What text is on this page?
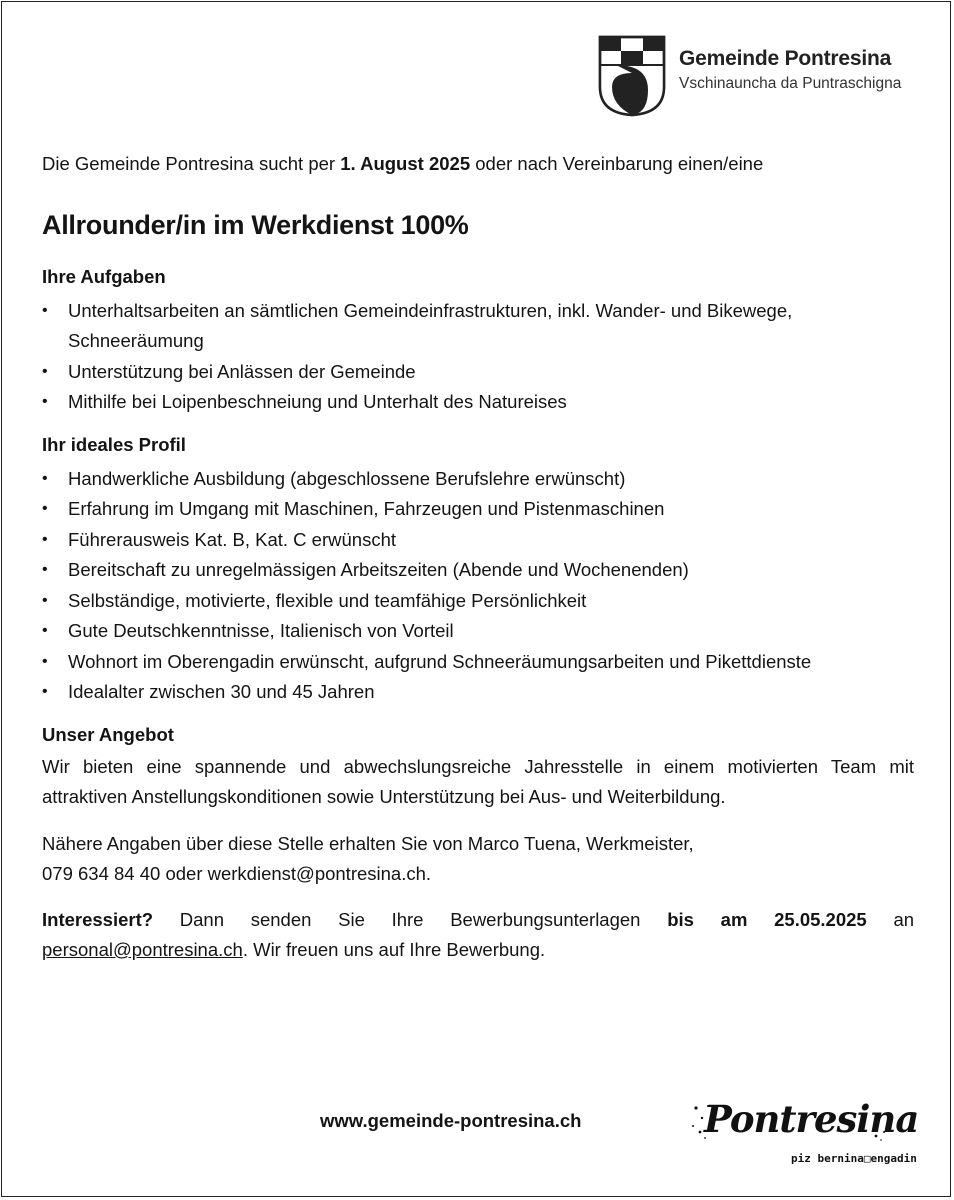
Gemeinde Pontresina
Vschinauncha da Puntraschigna

Die Gemeinde Pontresina sucht per 1. August 2025 oder nach Vereinbarung einen/eine

Allrounder/in im Werkdienst 100%
Ihre Aufgaben
• Unterhaltsarbeiten an sämtlichen Gemeindeinfrastrukturen, inkl. Wander- und Bikewege, Schneeräumung
• Unterstützung bei Anlässen der Gemeinde
• Mithilfe bei Loipenbeschneiung und Unterhalt des Natureises
Ihr ideales Profil
• Handwerkliche Ausbildung (abgeschlossene Berufslehre erwünscht)
• Erfahrung im Umgang mit Maschinen, Fahrzeugen und Pistenmaschinen
• Führerausweis Kat. B, Kat. C erwünscht
• Bereitschaft zu unregelmässigen Arbeitszeiten (Abende und Wochenenden)
• Selbständige, motivierte, flexible und teamfähige Persönlichkeit
• Gute Deutschkenntnisse, Italienisch von Vorteil
• Wohnort im Oberengadin erwünscht, aufgrund Schneeräumungsarbeiten und Pikettdienste
• Idealalter zwischen 30 und 45 Jahren
Unser Angebot

Wir bieten eine spannende und abwechslungsreiche Jahresstelle in einem motivierten Team mit attraktiven Anstellungskonditionen sowie Unterstützung bei Aus- und Weiterbildung.

Nähere Angaben über diese Stelle erhalten Sie von Marco Tuena, Werkmeister,
079 634 84 40 oder werkdienst@pontresina.ch.

Interessiert? Dann senden Sie Ihre Bewerbungsunterlagen bis am 25.05.2025 an personal@pontresina.ch. Wir freuen uns auf Ihre Bewerbung.

www.gemeinde-pontresina.ch	Pontresina
piz bernina□engadin
